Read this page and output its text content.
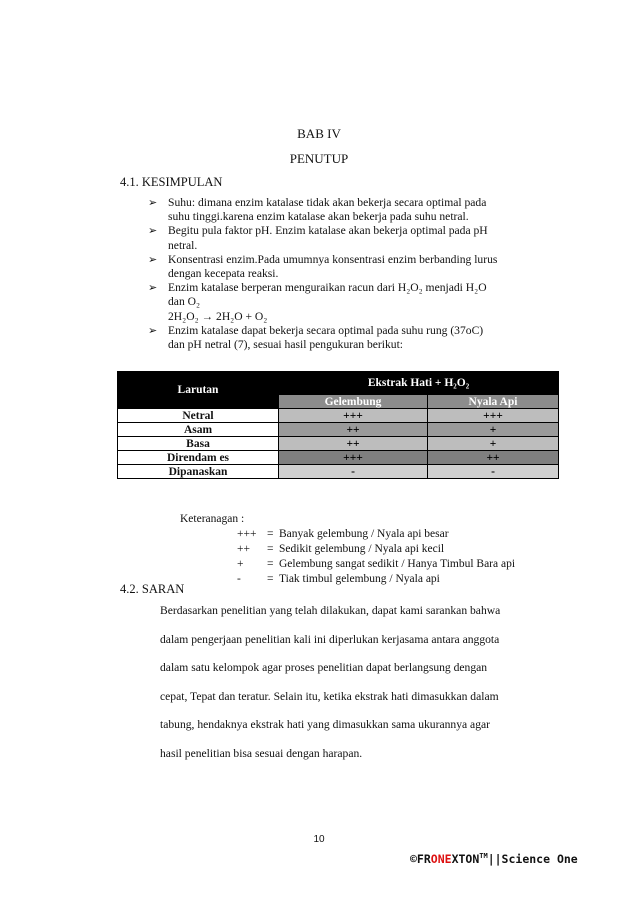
BAB IV
PENUTUP
4.1. KESIMPULAN
➢ Suhu: dimana enzim katalase tidak akan bekerja secara optimal pada
suhu tinggi.karena enzim katalase akan bekerja pada suhu netral.
➢ Begitu pula faktor pH. Enzim katalase akan bekerja optimal pada pH
netral.
➢ Konsentrasi enzim.Pada umumnya konsentrasi enzim berbanding lurus
dengan kecepata reaksi.
➢ Enzim katalase berperan menguraikan racun dari H₂O₂ menjadi H₂O
dan O₂
2H₂O₂ → 2H₂O + O₂
➢ Enzim katalase dapat bekerja secara optimal pada suhu rung (37oC)
dan pH netral (7), sesuai hasil pengukuran berikut:
Larutan	Ekstrak Hati + H₂O₂	
	Gelembung	Nyala Api
Netral	+++	+++
Asam	++	+
Basa	++	+
Direndam es	+++	++
Dipanaskan	-	-
Keteranagan :
+++ = Banyak gelembung / Nyala api besar
++	= Sedikit gelembung / Nyala api kecil
+	= Gelembung sangat sedikit / Hanya Timbul Bara api
-	= Tiak timbul gelembung / Nyala api
4.2. SARAN
Berdasarkan penelitian yang telah dilakukan, dapat kami sarankan bahwa
dalam pengerjaan penelitian kali ini diperlukan kerjasama antara anggota
dalam satu kelompok agar proses penelitian dapat berlangsung dengan
cepat, Tepat dan teratur. Selain itu, ketika ekstrak hati dimasukkan dalam
tabung, hendaknya ekstrak hati yang dimasukkan sama ukurannya agar
hasil penelitian bisa sesuai dengan harapan.
10
©FRONEXTON™||Science One
